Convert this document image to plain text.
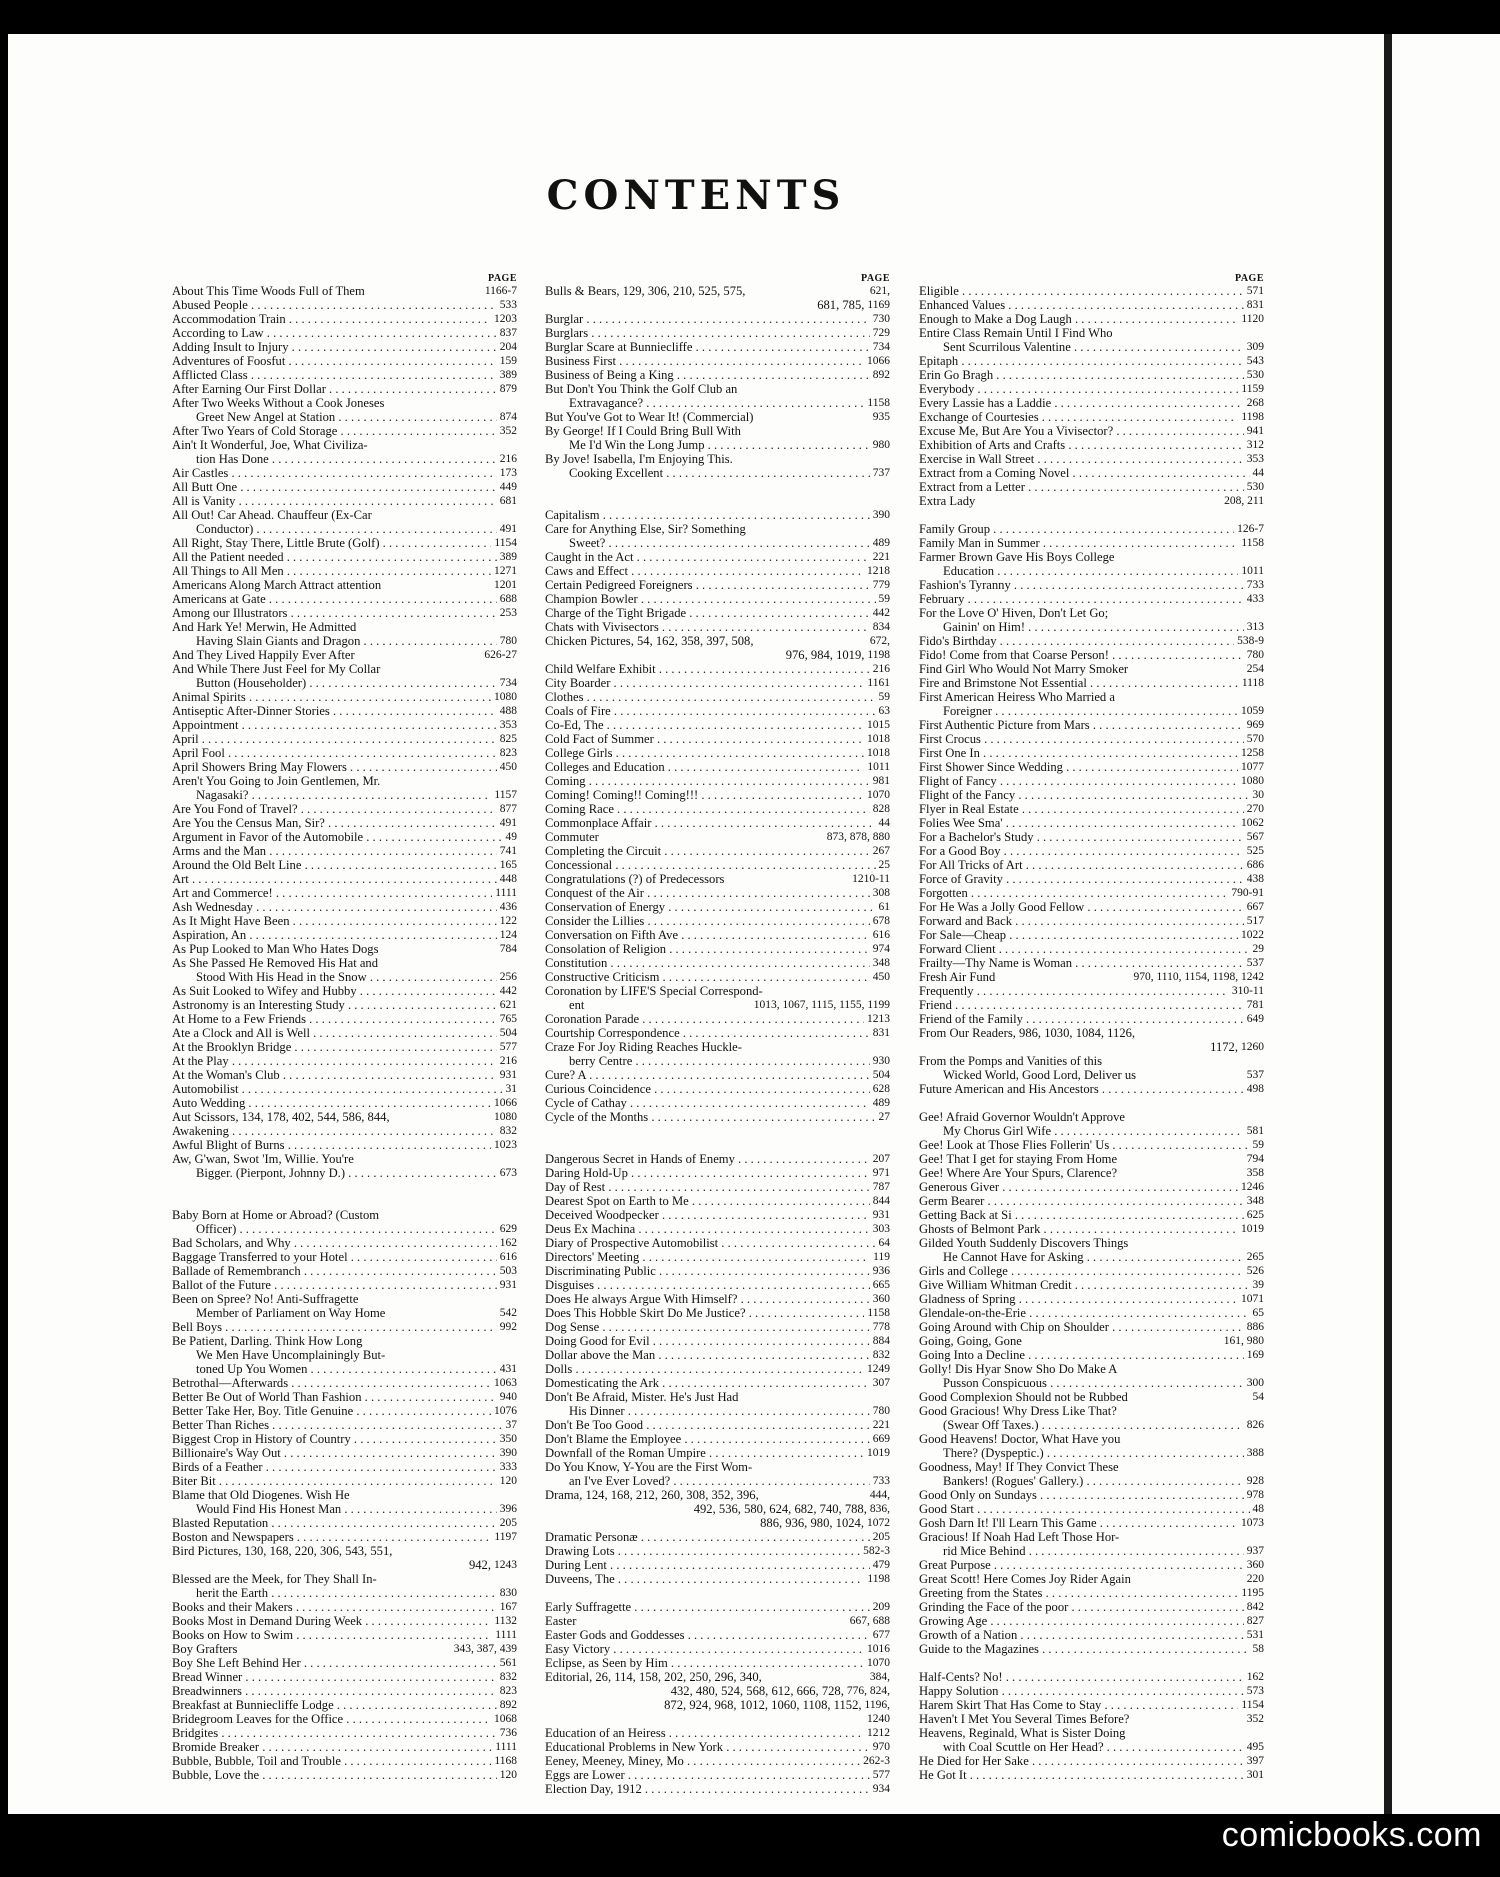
CONTENTS
PAGE
About This Time Woods Full of Them	1166-7
Abused People . . .	533
Accommodation Train . . .	1203
According to Law . . .	837
Adding Insult to Injury . . .	204
Adventures of Foosfut . . .	159
Afflicted Class . . .	389
After Earning Our First Dollar . . .	879
After Two Weeks Without a Cook Joneses
Greet New Angel at Station . . .	874
After Two Years of Cold Storage . . .	352
Ain't It Wonderful, Joe, What Civiliza-
tion Has Done . . .	216
Air Castles . . .	173
All Butt One . . .	449
All is Vanity . . .	681
All Out! Car Ahead. Chauffeur (Ex-Car
Conductor) . . .	491
All Right, Stay There, Little Brute (Golf) . . .	1154
All the Patient needed . . .	389
All Things to All Men . . .	1271
Americans Along March Attract attention	1201
Americans at Gate . . .	688
Among our Illustrators . . .	253
And Hark Ye! Merwin, He Admitted
Having Slain Giants and Dragon . . .	780
And They Lived Happily Ever After	626-27
And While There Just Feel for My Collar
Button (Householder) . . .	734
Animal Spirits . . .	1080
Antiseptic After-Dinner Stories . . .	488
Appointment . . .	353
April . . .	825
April Fool . . .	823
April Showers Bring May Flowers . . .	450
Aren't You Going to Join Gentlemen, Mr.
Nagasaki? . . .	1157
Are You Fond of Travel? . . .	877
Are You the Census Man, Sir? . . .	491
Argument in Favor of the Automobile . . .	49
Arms and the Man . . .	741
Around the Old Belt Line . . .	165
Art . . .	448
Art and Commerce! . . .	1111
Ash Wednesday . . .	436
As It Might Have Been . . .	122
Aspiration, An . . .	124
As Pup Looked to Man Who Hates Dogs	784
As She Passed He Removed His Hat and
Stood With His Head in the Snow . . .	256
As Suit Looked to Wifey and Hubby . . .	442
Astronomy is an Interesting Study . . .	621
At Home to a Few Friends . . .	765
Ate a Clock and All is Well . . .	504
At the Brooklyn Bridge . . .	577
At the Play . . .	216
At the Woman's Club . . .	931
Automobilist . . .	31
Auto Wedding . . .	1066
Aut Scissors, 134, 178, 402, 544, 586, 844,	1080
Awakening . . .	832
Awful Blight of Burns . . .	1023
Aw, G'wan, Swot 'Im, Willie. You're
Bigger. (Pierpont, Johnny D.) . . .	673
Baby Born at Home or Abroad? (Custom
Officer) . . .	629
Bad Scholars, and Why . . .	162
Baggage Transferred to your Hotel . . .	616
Ballade of Remembranch . . .	503
Ballot of the Future . . .	931
Been on Spree? No! Anti-Suffragette
Member of Parliament on Way Home	542
Bell Boys . . .	992
Be Patient, Darling. Think How Long
We Men Have Uncomplainingly But-
toned Up You Women . . .	431
Betrothal—Afterwards . . .	1063
Better Be Out of World Than Fashion . . .	940
Better Take Her, Boy. Title Genuine . . .	1076
Better Than Riches . . .	37
Biggest Crop in History of Country . . .	350
Billionaire's Way Out . . .	390
Birds of a Feather . . .	333
Biter Bit . . .	120
Blame that Old Diogenes. Wish He
Would Find His Honest Man . . .	396
Blasted Reputation . . .	205
Boston and Newspapers . . .	1197
Bird Pictures, 130, 168, 220, 306, 543, 551,
942, 1243
Blessed are the Meek, for They Shall In-
herit the Earth . . .	830
Books and their Makers . . .	167
Books Most in Demand During Week . . .	1132
Books on How to Swim . . .	1111
Boy Grafters	343, 387, 439
Boy She Left Behind Her . . .	561
Bread Winner . . .	832
Breadwinners . . .	823
Breakfast at Bunniecliffe Lodge . . .	892
Bridegroom Leaves for the Office . . .	1068
Bridgites . . .	736
Bromide Breaker . . .	1111
Bubble, Bubble, Toil and Trouble . . .	1168
Bubble, Love the . . .	120
PAGE
Bulls & Bears, 129, 306, 210, 525, 575,	621,
681, 785, 1169
Burglar . . .	730
Burglars . . .	729
Burglar Scare at Bunniecliffe . . .	734
Business First . . .	1066
Business of Being a King . . .	892
But Don't You Think the Golf Club an
Extravagance? . . .	1158
But You've Got to Wear It! (Commercial)	935
By George! If I Could Bring Bull With
Me I'd Win the Long Jump . . .	980
By Jove! Isabella, I'm Enjoying This.
Cooking Excellent . . .	737
Capitalism . . .	390
Care for Anything Else, Sir? Something
Sweet? . . .	489
Caught in the Act . . .	221
Caws and Effect . . .	1218
Certain Pedigreed Foreigners . . .	779
Champion Bowler . . .	59
Charge of the Tight Brigade . . .	442
Chats with Vivisectors . . .	834
Chicken Pictures, 54, 162, 358, 397, 508,	672,
976, 984, 1019, 1198
Child Welfare Exhibit . . .	216
City Boarder . . .	1161
Clothes . . .	59
Coals of Fire . . .	63
Co-Ed, The . . .	1015
Cold Fact of Summer . . .	1018
College Girls . . .	1018
Colleges and Education . . .	1011
Coming . . .	981
Coming! Coming!! Coming!!! . . .	1070
Coming Race . . .	828
Commonplace Affair . . .	44
Commuter	873, 878, 880
Completing the Circuit . . .	267
Concessional . . .	25
Congratulations (?) of Predecessors	1210-11
Conquest of the Air . . .	308
Conservation of Energy . . .	61
Consider the Lillies . . .	678
Conversation on Fifth Ave . . .	616
Consolation of Religion . . .	974
Constitution . . .	348
Constructive Criticism . . .	450
Coronation by LIFE'S Special Correspond-
ent	1013, 1067, 1115, 1155, 1199
Coronation Parade . . .	1213
Courtship Correspondence . . .	831
Craze For Joy Riding Reaches Huckle-
berry Centre . . .	930
Cure? A . . .	504
Curious Coincidence . . .	628
Cycle of Cathay . . .	489
Cycle of the Months . . .	27
Dangerous Secret in Hands of Enemy . . .	207
Daring Hold-Up . . .	971
Day of Rest . . .	787
Dearest Spot on Earth to Me . . .	844
Deceived Woodpecker . . .	931
Deus Ex Machina . . .	303
Diary of Prospective Automobilist . . .	64
Directors' Meeting . . .	119
Discriminating Public . . .	936
Disguises . . .	665
Does He always Argue With Himself? . . .	360
Does This Hobble Skirt Do Me Justice? . . .	1158
Dog Sense . . .	778
Doing Good for Evil . . .	884
Dollar above the Man . . .	832
Dolls . . .	1249
Domesticating the Ark . . .	307
Don't Be Afraid, Mister. He's Just Had
His Dinner . . .	780
Don't Be Too Good . . .	221
Don't Blame the Employee . . .	669
Downfall of the Roman Umpire . . .	1019
Do You Know, Y-You are the First Wom-
an I've Ever Loved? . . .	733
Drama, 124, 168, 212, 260, 308, 352, 396,	444,
492, 536, 580, 624, 682, 740, 788, 836,
886, 936, 980, 1024, 1072
Dramatic Personæ . . .	205
Drawing Lots . . .	582-3
During Lent . . .	479
Duveens, The . . .	1198
Early Suffragette . . .	209
Easter	667, 688
Easter Gods and Goddesses . . .	677
Easy Victory . . .	1016
Eclipse, as Seen by Him . . .	1070
Editorial, 26, 114, 158, 202, 250, 296, 340,	384,
432, 480, 524, 568, 612, 666, 728, 776, 824,
872, 924, 968, 1012, 1060, 1108, 1152, 1196,
1240
Education of an Heiress . . .	1212
Educational Problems in New York . . .	970
Eeney, Meeney, Miney, Mo . . .	262-3
Eggs are Lower . . .	577
Election Day, 1912 . . .	934
PAGE
Eligible . . .	571
Enhanced Values . . .	831
Enough to Make a Dog Laugh . . .	1120
Entire Class Remain Until I Find Who
Sent Scurrilous Valentine . . .	309
Epitaph . . .	543
Erin Go Bragh . . .	530
Everybody . . .	1159
Every Lassie has a Laddie . . .	268
Exchange of Courtesies . . .	1198
Excuse Me, But Are You a Vivisector? . . .	941
Exhibition of Arts and Crafts . . .	312
Exercise in Wall Street . . .	353
Extract from a Coming Novel . . .	44
Extract from a Letter . . .	530
Extra Lady	208, 211
Family Group . . .	126-7
Family Man in Summer . . .	1158
Farmer Brown Gave His Boys College
Education . . .	1011
Fashion's Tyranny . . .	733
February . . .	433
For the Love O' Hiven, Don't Let Go;
Gainin' on Him! . . .	313
Fido's Birthday . . .	538-9
Fido! Come from that Coarse Person! . . .	780
Find Girl Who Would Not Marry Smoker	254
Fire and Brimstone Not Essential . . .	1118
First American Heiress Who Married a
Foreigner . . .	1059
First Authentic Picture from Mars . . .	969
First Crocus . . .	570
First One In . . .	1258
First Shower Since Wedding . . .	1077
Flight of Fancy . . .	1080
Flight of the Fancy . . .	30
Flyer in Real Estate . . .	270
Folies Wee Sma' . . .	1062
For a Bachelor's Study . . .	567
For a Good Boy . . .	525
For All Tricks of Art . . .	686
Force of Gravity . . .	438
Forgotten . . .	790-91
For He Was a Jolly Good Fellow . . .	667
Forward and Back . . .	517
For Sale—Cheap . . .	1022
Forward Client . . .	29
Frailty—Thy Name is Woman . . .	537
Fresh Air Fund	970, 1110, 1154, 1198, 1242
Frequently . . .	310-11
Friend . . .	781
Friend of the Family . . .	649
From Our Readers, 986, 1030, 1084, 1126,
1172, 1260
From the Pomps and Vanities of this
Wicked World, Good Lord, Deliver us	537
Future American and His Ancestors . . .	498
Gee! Afraid Governor Wouldn't Approve
My Chorus Girl Wife . . .	581
Gee! Look at Those Flies Follerin' Us . . .	59
Gee! That I get for staying From Home	794
Gee! Where Are Your Spurs, Clarence?	358
Generous Giver . . .	1246
Germ Bearer . . .	348
Getting Back at Si . . .	625
Ghosts of Belmont Park . . .	1019
Gilded Youth Suddenly Discovers Things
He Cannot Have for Asking . . .	265
Girls and College . . .	526
Give William Whitman Credit . . .	39
Gladness of Spring . . .	1071
Glendale-on-the-Erie . . .	65
Going Around with Chip on Shoulder . . .	886
Going, Going, Gone	161, 980
Going Into a Decline . . .	169
Golly! Dis Hyar Snow Sho Do Make A
Pusson Conspicuous . . .	300
Good Complexion Should not be Rubbed	54
Good Gracious! Why Dress Like That?
(Swear Off Taxes.) . . .	826
Good Heavens! Doctor, What Have you
There? (Dyspeptic.) . . .	388
Goodness, May! If They Convict These
Bankers! (Rogues' Gallery.) . . .	928
Good Only on Sundays . . .	978
Good Start . . .	48
Gosh Darn It! I'll Learn This Game . . .	1073
Gracious! If Noah Had Left Those Hor-
rid Mice Behind . . .	937
Great Purpose . . .	360
Great Scott! Here Comes Joy Rider Again	220
Greeting from the States . . .	1195
Grinding the Face of the poor . . .	842
Growing Age . . .	827
Growth of a Nation . . .	531
Guide to the Magazines . . .	58
Half-Cents? No! . . .	162
Happy Solution . . .	573
Harem Skirt That Has Come to Stay . . .	1154
Haven't I Met You Several Times Before?	352
Heavens, Reginald, What is Sister Doing
with Coal Scuttle on Her Head? . . .	495
He Died for Her Sake . . .	397
He Got It . . .	301
comicbooks.com
